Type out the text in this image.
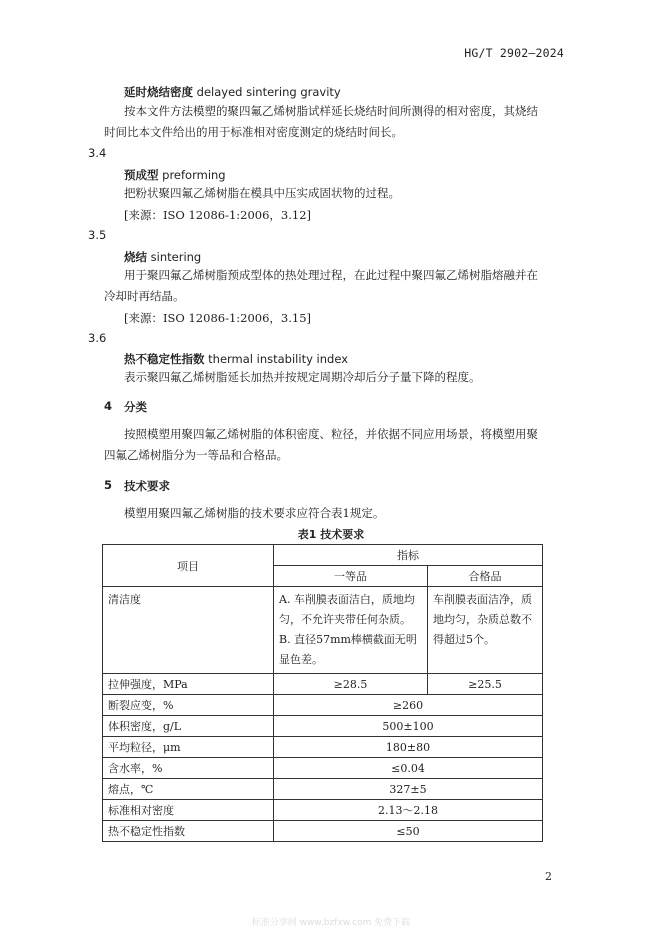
HG/T 2902—2024
延时烧结密度 delayed sintering gravity
按本文件方法模塑的聚四氟乙烯树脂试样延长烧结时间所测得的相对密度，其烧结时间比本文件给出的用于标准相对密度测定的烧结时间长。
3.4
预成型 preforming
把粉状聚四氟乙烯树脂在模具中压实成固状物的过程。
[来源：ISO 12086-1:2006，3.12]
3.5
烧结 sintering
用于聚四氟乙烯树脂预成型体的热处理过程，在此过程中聚四氟乙烯树脂熔融并在冷却时再结晶。
[来源：ISO 12086-1:2006，3.15]
3.6
热不稳定性指数 thermal instability index
表示聚四氟乙烯树脂延长加热并按规定周期冷却后分子量下降的程度。
4 分类
按照模塑用聚四氟乙烯树脂的体积密度、粒径，并依据不同应用场景，将模塑用聚四氟乙烯树脂分为一等品和合格品。
5 技术要求
模塑用聚四氟乙烯树脂的技术要求应符合表1规定。
表1 技术要求
项目	指标	
	一等品	合格品
清洁度	A. 车削膜表面洁白，质地均匀，不允许夹带任何杂质。
B. 直径57mm棒横截面无明显色差。	车削膜表面洁净，质地均匀，杂质总数不得超过5个。
拉伸强度，MPa	≥28.5	≥25.5
断裂应变，%	≥260	
体积密度，g/L	500±100	
平均粒径，μm	180±80	
含水率，%	≤0.04	
熔点，℃	327±5	
标准相对密度	2.13～2.18	
热不稳定性指数	≤50	
2
标准分享网 www.bzfxw.com 免费下载
